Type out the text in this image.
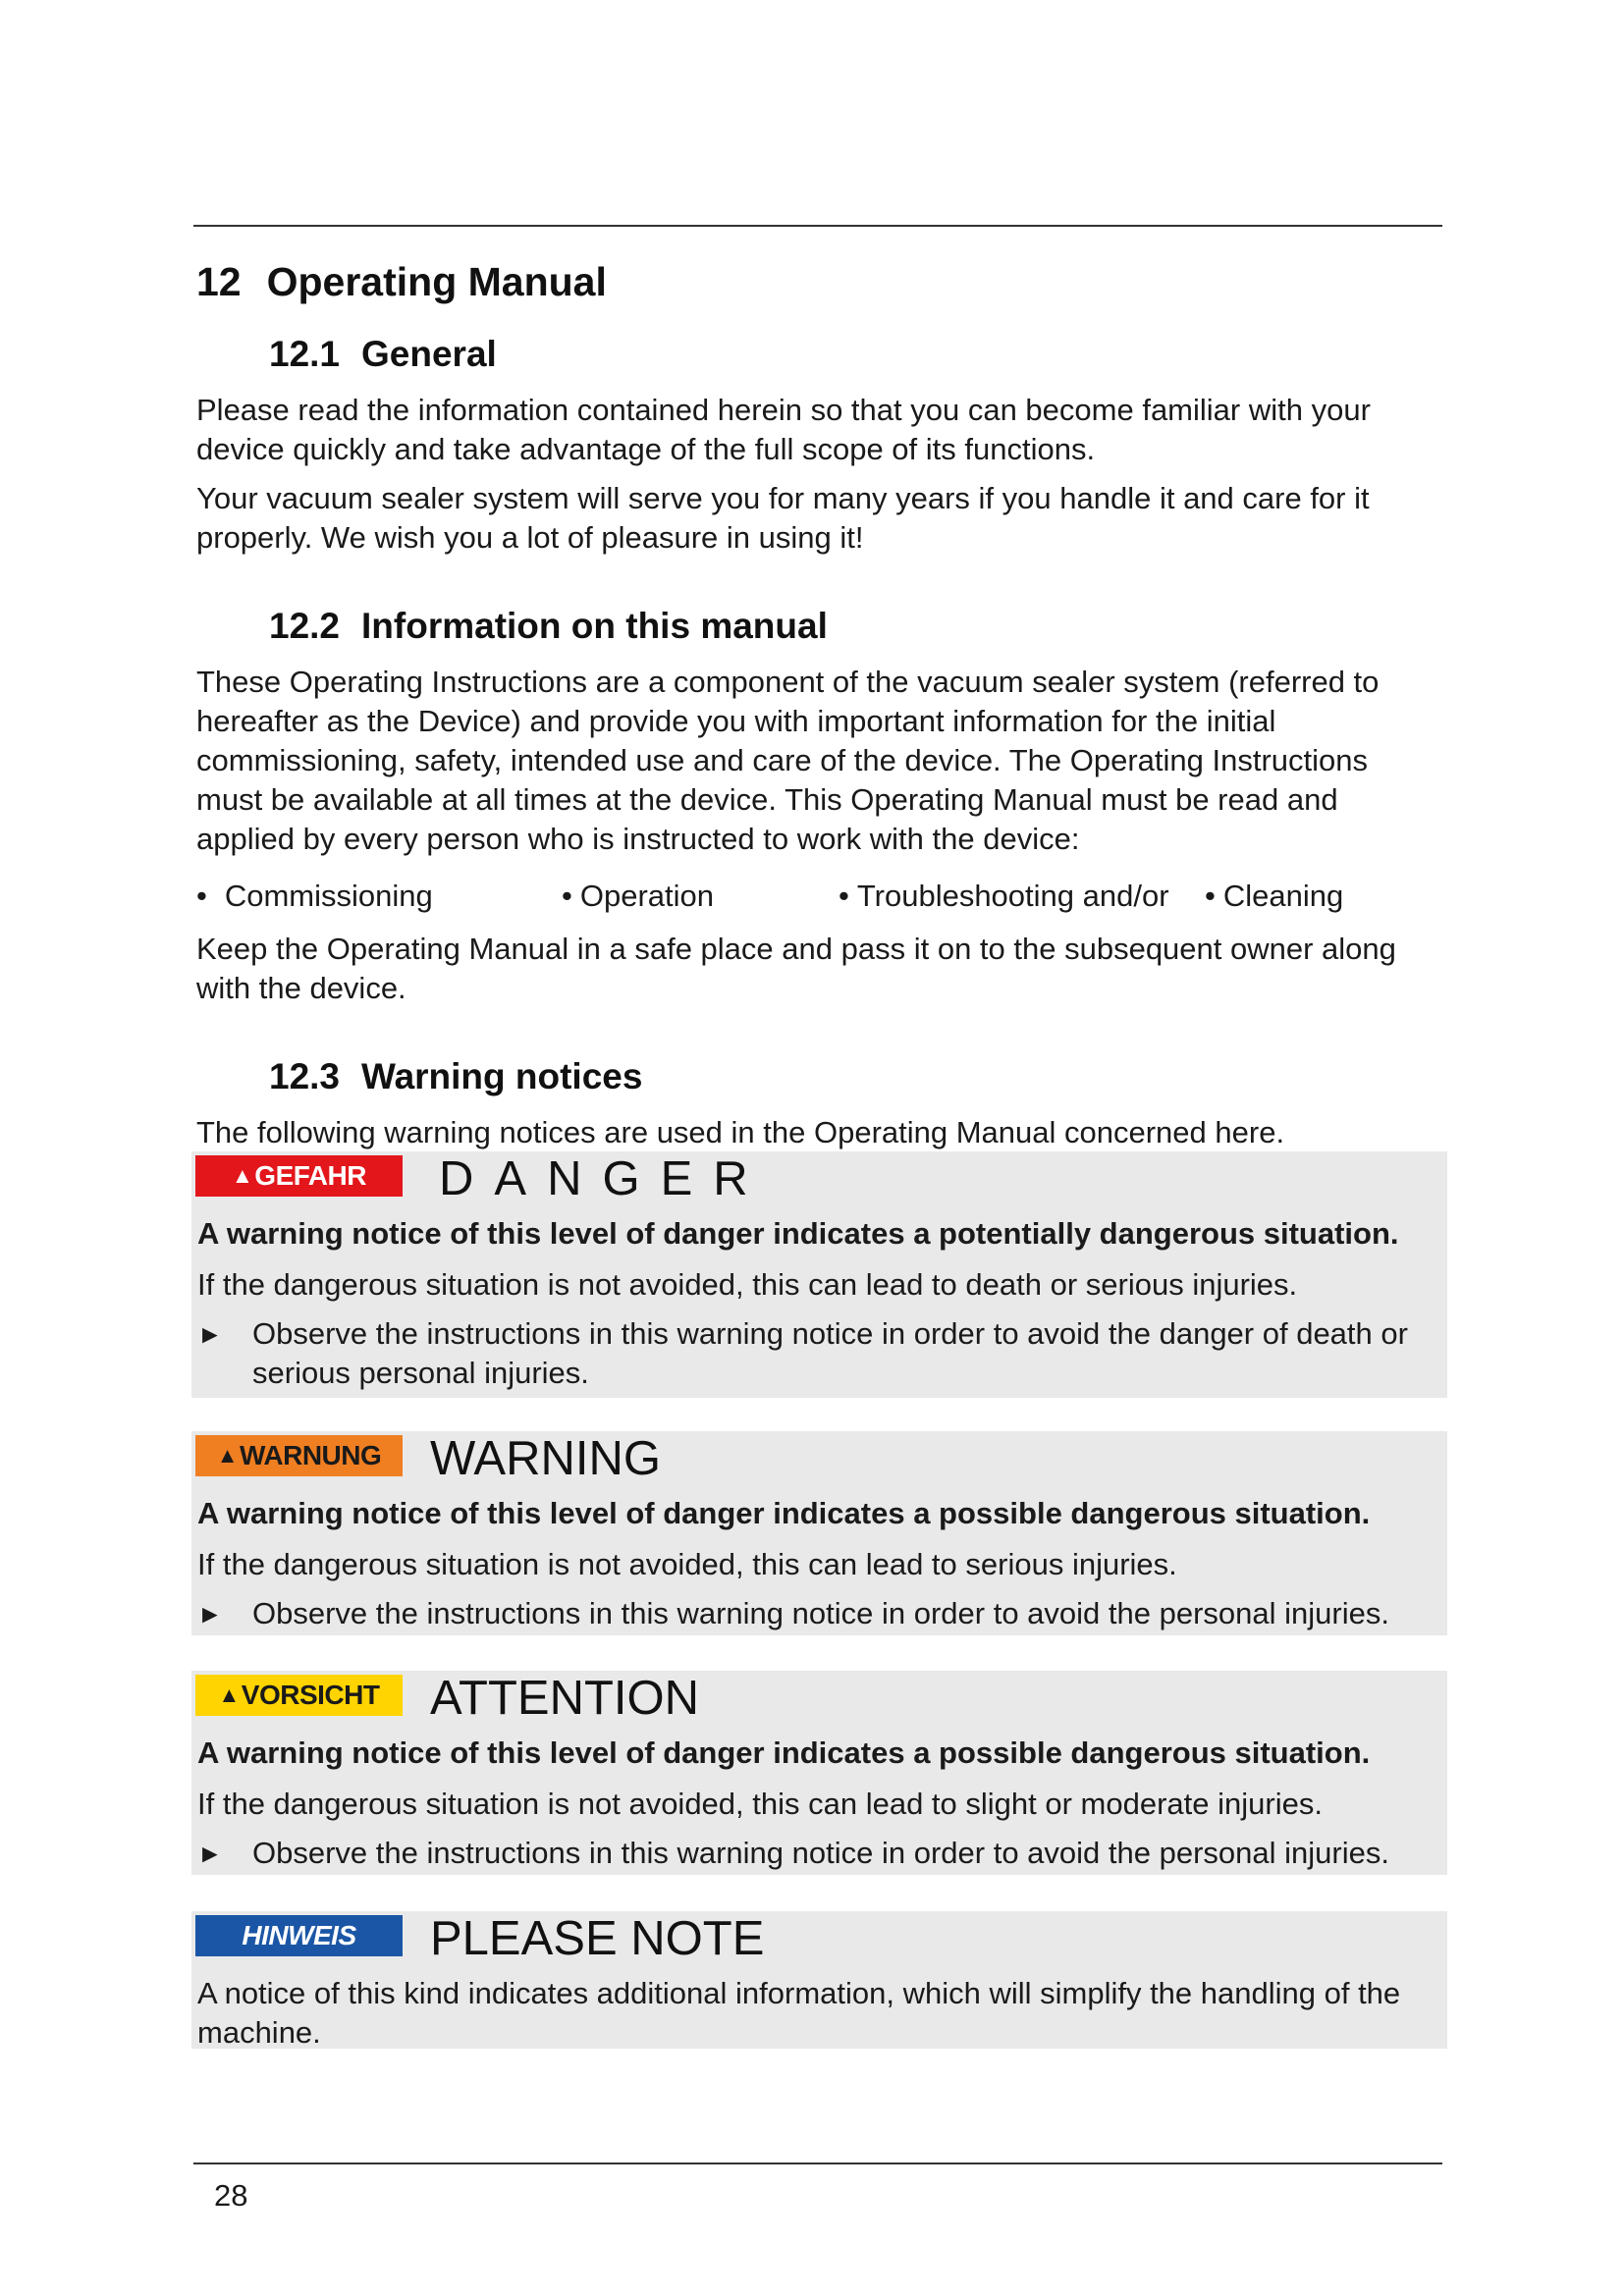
12 Operating Manual
12.1 General

Please read the information contained herein so that you can become familiar with your device quickly and take advantage of the full scope of its functions.

Your vacuum sealer system will serve you for many years if you handle it and care for it properly. We wish you a lot of pleasure in using it!

12.2 Information on this manual

These Operating Instructions are a component of the vacuum sealer system (referred to hereafter as the Device) and provide you with important information for the initial commissioning, safety, intended use and care of the device. The Operating Instructions must be available at all times at the device. This Operating Manual must be read and applied by every person who is instructed to work with the device:

• Commissioning	• Operation	• Troubleshooting and/or	• Cleaning

Keep the Operating Manual in a safe place and pass it on to the subsequent owner along with the device.

12.3 Warning notices

The following warning notices are used in the Operating Manual concerned here.

▲ GEFAHR DANGER
A warning notice of this level of danger indicates a potentially dangerous situation.
If the dangerous situation is not avoided, this can lead to death or serious injuries.
► Observe the instructions in this warning notice in order to avoid the danger of death or serious personal injuries.
▲ WARNUNG WARNING
A warning notice of this level of danger indicates a possible dangerous situation.
If the dangerous situation is not avoided, this can lead to serious injuries.
► Observe the instructions in this warning notice in order to avoid the personal injuries.
▲ VORSICHT ATTENTION
A warning notice of this level of danger indicates a possible dangerous situation.
If the dangerous situation is not avoided, this can lead to slight or moderate injuries.
► Observe the instructions in this warning notice in order to avoid the personal injuries.
HINWEIS	PLEASE NOTE
A notice of this kind indicates additional information, which will simplify the handling of the machine.
28
